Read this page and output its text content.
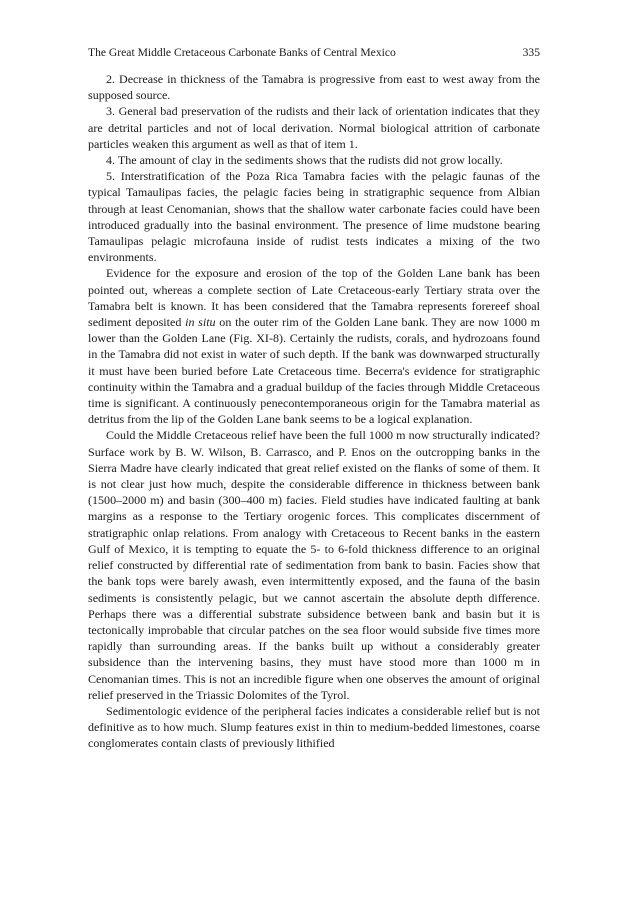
The Great Middle Cretaceous Carbonate Banks of Central Mexico	335

2. Decrease in thickness of the Tamabra is progressive from east to west away from the supposed source.

3. General bad preservation of the rudists and their lack of orientation indicates that they are detrital particles and not of local derivation. Normal biological attrition of carbonate particles weaken this argument as well as that of item 1.

4. The amount of clay in the sediments shows that the rudists did not grow locally.

5. Interstratification of the Poza Rica Tamabra facies with the pelagic faunas of the typical Tamaulipas facies, the pelagic facies being in stratigraphic sequence from Albian through at least Cenomanian, shows that the shallow water carbonate facies could have been introduced gradually into the basinal environment. The presence of lime mudstone bearing Tamaulipas pelagic microfauna inside of rudist tests indicates a mixing of the two environments.

Evidence for the exposure and erosion of the top of the Golden Lane bank has been pointed out, whereas a complete section of Late Cretaceous-early Tertiary strata over the Tamabra belt is known. It has been considered that the Tamabra represents forereef shoal sediment deposited in situ on the outer rim of the Golden Lane bank. They are now 1000 m lower than the Golden Lane (Fig. XI-8). Certainly the rudists, corals, and hydrozoans found in the Tamabra did not exist in water of such depth. If the bank was downwarped structurally it must have been buried before Late Cretaceous time. Becerra's evidence for stratigraphic continuity within the Tamabra and a gradual buildup of the facies through Middle Cretaceous time is significant. A continuously penecontemporaneous origin for the Tamabra material as detritus from the lip of the Golden Lane bank seems to be a logical explanation.

Could the Middle Cretaceous relief have been the full 1000 m now structurally indicated? Surface work by B. W. Wilson, B. Carrasco, and P. Enos on the outcropping banks in the Sierra Madre have clearly indicated that great relief existed on the flanks of some of them. It is not clear just how much, despite the considerable difference in thickness between bank (1500–2000 m) and basin (300–400 m) facies. Field studies have indicated faulting at bank margins as a response to the Tertiary orogenic forces. This complicates discernment of stratigraphic onlap relations. From analogy with Cretaceous to Recent banks in the eastern Gulf of Mexico, it is tempting to equate the 5- to 6-fold thickness difference to an original relief constructed by differential rate of sedimentation from bank to basin. Facies show that the bank tops were barely awash, even intermittently exposed, and the fauna of the basin sediments is consistently pelagic, but we cannot ascertain the absolute depth difference. Perhaps there was a differential substrate subsidence between bank and basin but it is tectonically improbable that circular patches on the sea floor would subside five times more rapidly than surrounding areas. If the banks built up without a considerably greater subsidence than the intervening basins, they must have stood more than 1000 m in Cenomanian times. This is not an incredible figure when one observes the amount of original relief preserved in the Triassic Dolomites of the Tyrol.

Sedimentologic evidence of the peripheral facies indicates a considerable relief but is not definitive as to how much. Slump features exist in thin to medium-bedded limestones, coarse conglomerates contain clasts of previously lithified
